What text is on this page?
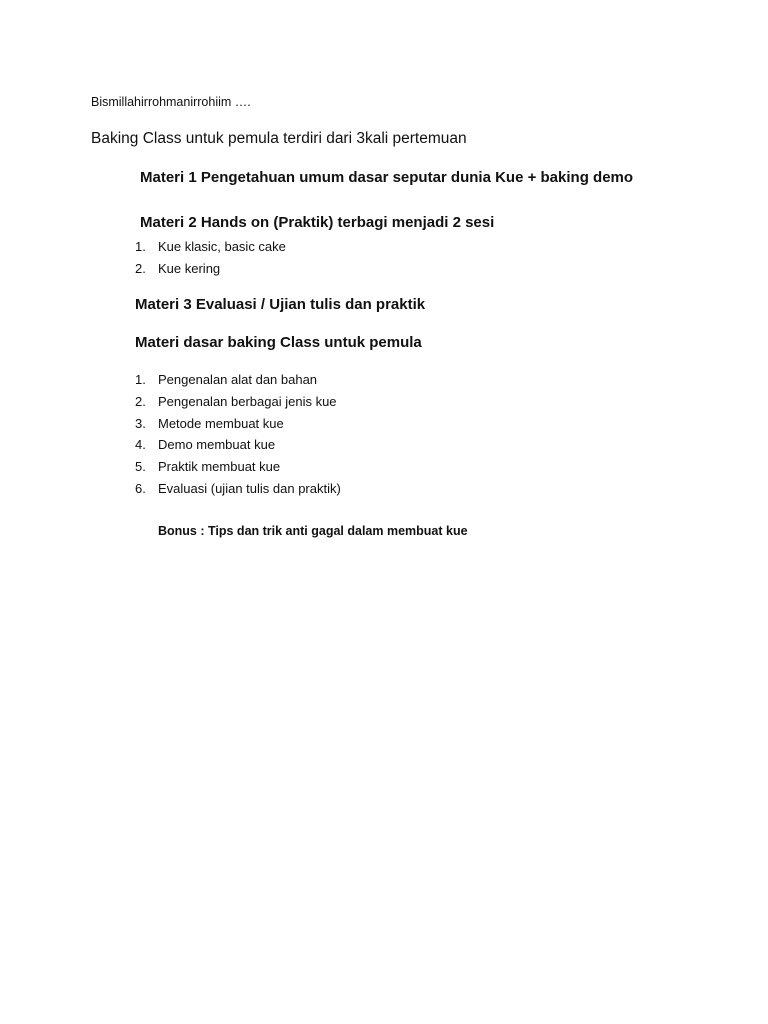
Bismillahirrohmanirrohiim ….

Baking Class untuk pemula terdiri dari 3kali pertemuan

Materi 1 Pengetahuan umum dasar seputar dunia Kue + baking demo

Materi 2 Hands on (Praktik) terbagi menjadi 2 sesi

1. Kue klasic, basic cake
2. Kue kering

Materi 3 Evaluasi / Ujian tulis dan praktik

Materi dasar baking Class untuk pemula

1. Pengenalan alat dan bahan
2. Pengenalan berbagai jenis kue
3. Metode membuat kue
4. Demo membuat kue
5. Praktik membuat kue
6. Evaluasi (ujian tulis dan praktik)

Bonus : Tips dan trik anti gagal dalam membuat kue
